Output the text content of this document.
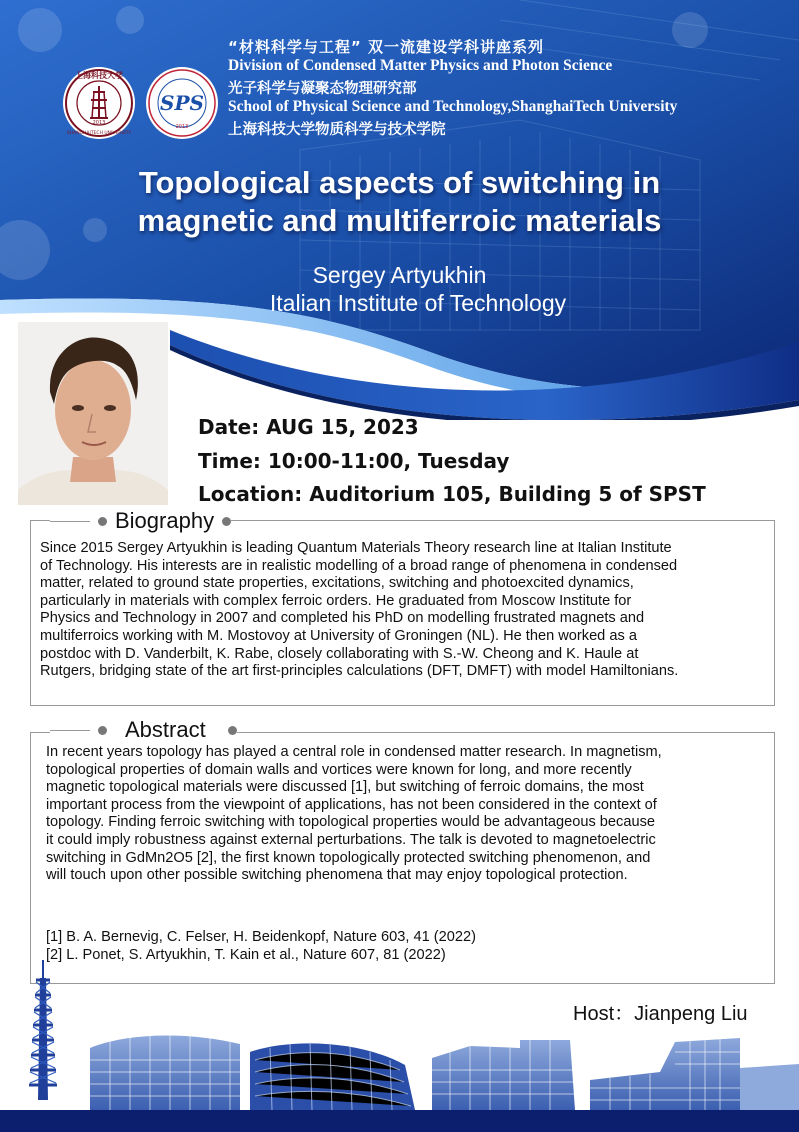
上海科技大学
SHANGHAITECH UNIVERSITY
2013
SPS
2013
“材料科学与工程” 双一流建设学科讲座系列
Division of Condensed Matter Physics and Photon Science
光子科学与凝聚态物理研究部
School of Physical Science and Technology,ShanghaiTech University
上海科技大学物质科学与技术学院
Topological aspects of switching in
magnetic and multiferroic materials
Sergey Artyukhin
Italian Institute of Technology
Date: AUG 15, 2023
Time: 10:00-11:00, Tuesday
Location: Auditorium 105, Building 5 of SPST
Biography
Since 2015 Sergey Artyukhin is leading Quantum Materials Theory research line at Italian Institute
of Technology. His interests are in realistic modelling of a broad range of phenomena in condensed
matter, related to ground state properties, excitations, switching and photoexcited dynamics,
particularly in materials with complex ferroic orders. He graduated from Moscow Institute for
Physics and Technology in 2007 and completed his PhD on modelling frustrated magnets and
multiferroics working with M. Mostovoy at University of Groningen (NL). He then worked as a
postdoc with D. Vanderbilt, K. Rabe, closely collaborating with S.-W. Cheong and K. Haule at
Rutgers, bridging state of the art first-principles calculations (DFT, DMFT) with model Hamiltonians.
Abstract
In recent years topology has played a central role in condensed matter research. In magnetism,
topological properties of domain walls and vortices were known for long, and more recently
magnetic topological materials were discussed [1], but switching of ferroic domains, the most
important process from the viewpoint of applications, has not been considered in the context of
topology. Finding ferroic switching with topological properties would be advantageous because
it could imply robustness against external perturbations. The talk is devoted to magnetoelectric
switching in GdMn2O5 [2], the first known topologically protected switching phenomenon, and
will touch upon other possible switching phenomena that may enjoy topological protection.
[1] B. A. Bernevig, C. Felser, H. Beidenkopf, Nature 603, 41 (2022)
[2] L. Ponet, S. Artyukhin, T. Kain et al., Nature 607, 81 (2022)
Host：Jianpeng Liu
